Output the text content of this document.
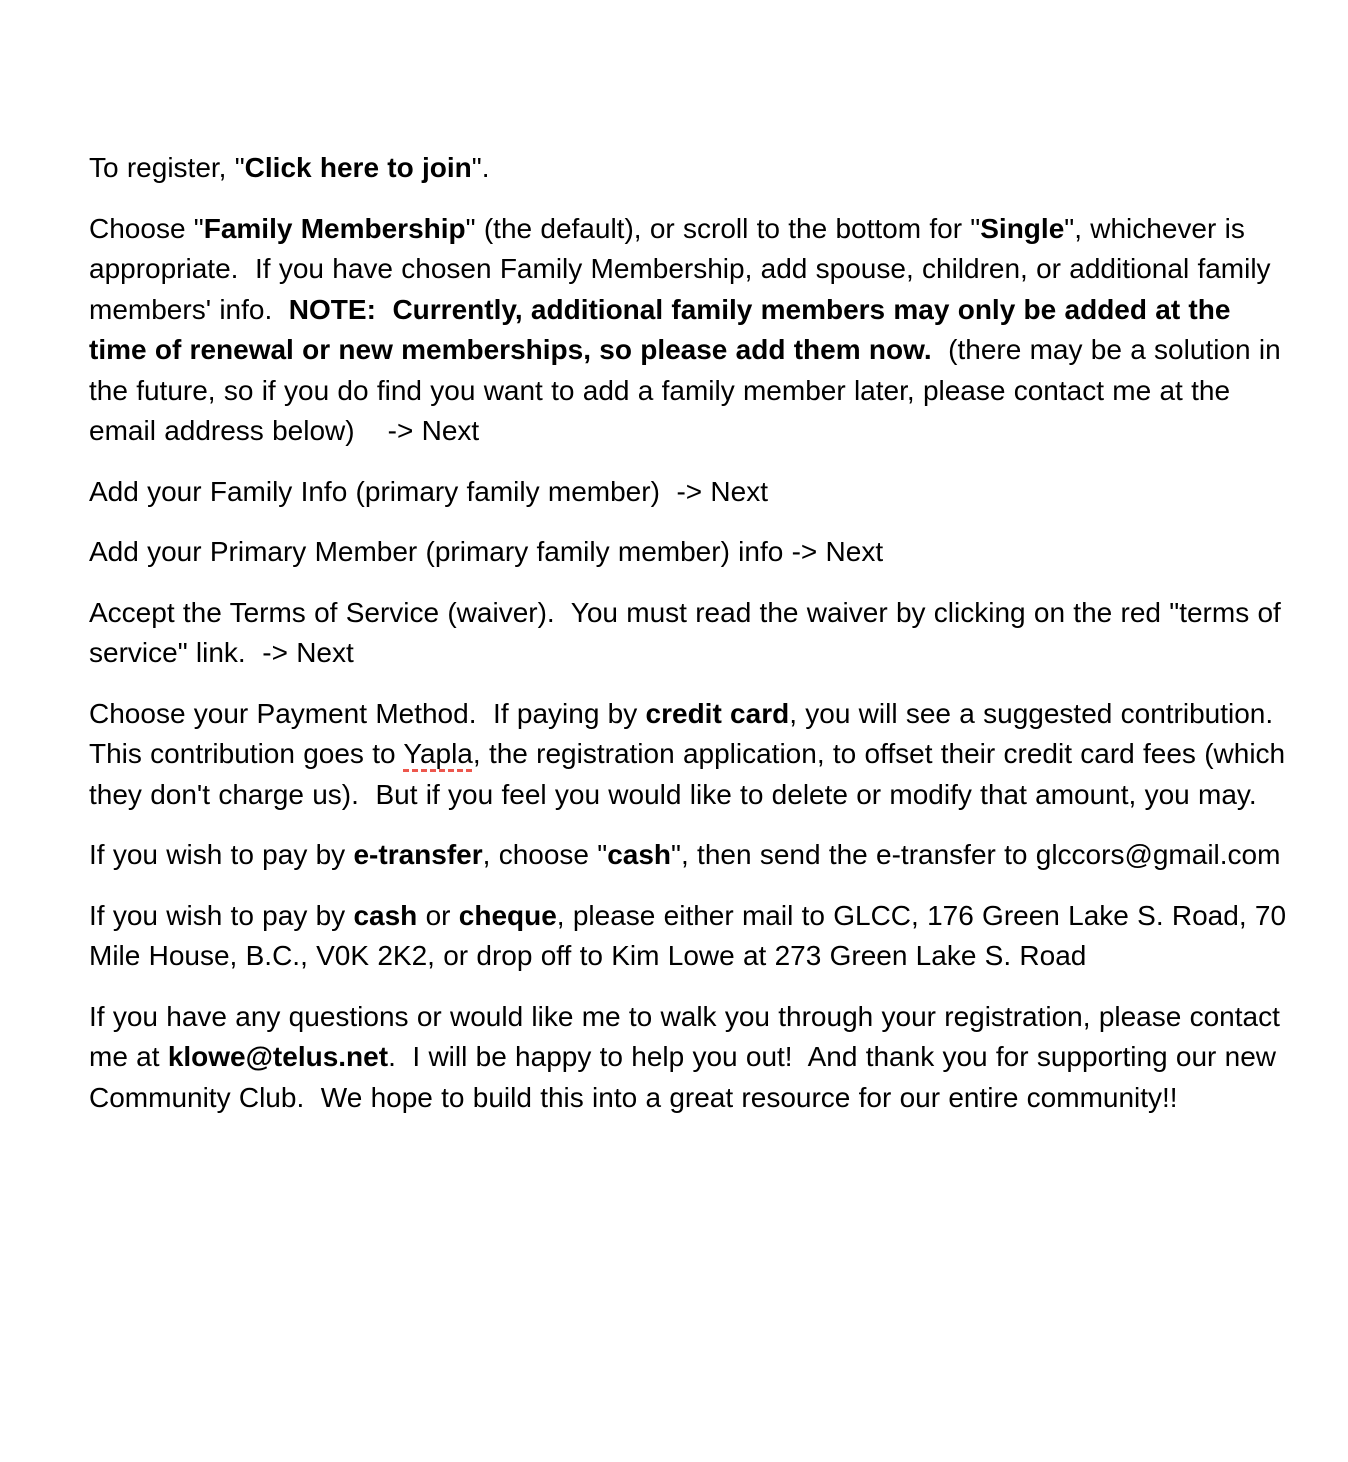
To register, "Click here to join".

Choose "Family Membership" (the default), or scroll to the bottom for "Single", whichever is appropriate.  If you have chosen Family Membership, add spouse, children, or additional family members' info.  NOTE:  Currently, additional family members may only be added at the time of renewal or new memberships, so please add them now.  (there may be a solution in the future, so if you do find you want to add a family member later, please contact me at the email address below)    -> Next

Add your Family Info (primary family member)  -> Next

Add your Primary Member (primary family member) info -> Next

Accept the Terms of Service (waiver).  You must read the waiver by clicking on the red "terms of service" link.  -> Next

Choose your Payment Method.  If paying by credit card, you will see a suggested contribution.  This contribution goes to Yapla, the registration application, to offset their credit card fees (which they don't charge us).  But if you feel you would like to delete or modify that amount, you may.

If you wish to pay by e-transfer, choose "cash", then send the e-transfer to glccors@gmail.com

If you wish to pay by cash or cheque, please either mail to GLCC, 176 Green Lake S. Road, 70 Mile House, B.C., V0K 2K2, or drop off to Kim Lowe at 273 Green Lake S. Road

If you have any questions or would like me to walk you through your registration, please contact me at klowe@telus.net.  I will be happy to help you out!  And thank you for supporting our new Community Club.  We hope to build this into a great resource for our entire community!!
